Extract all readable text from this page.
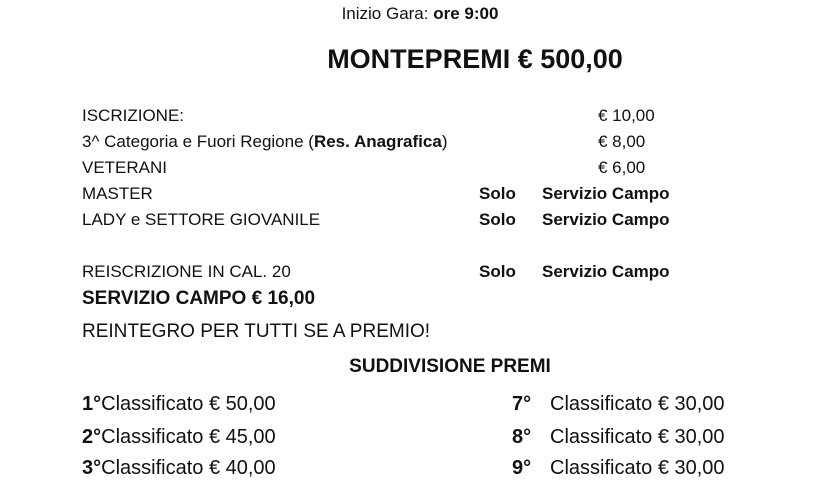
Inizio Gara: ore 9:00
MONTEPREMI € 500,00
ISCRIZIONE:	€ 10,00
3^ Categoria e Fuori Regione (Res. Anagrafica)	€ 8,00
VETERANI	€ 6,00
MASTER	Solo Servizio Campo
LADY e SETTORE GIOVANILE	Solo Servizio Campo
REISCRIZIONE IN CAL. 20	Solo Servizio Campo
SERVIZIO CAMPO € 16,00
REINTEGRO PER TUTTI SE A PREMIO!
SUDDIVISIONE PREMI
1°Classificato € 50,00
2°Classificato € 45,00
3°Classificato € 40,00
7° Classificato € 30,00
8° Classificato € 30,00
9° Classificato € 30,00
